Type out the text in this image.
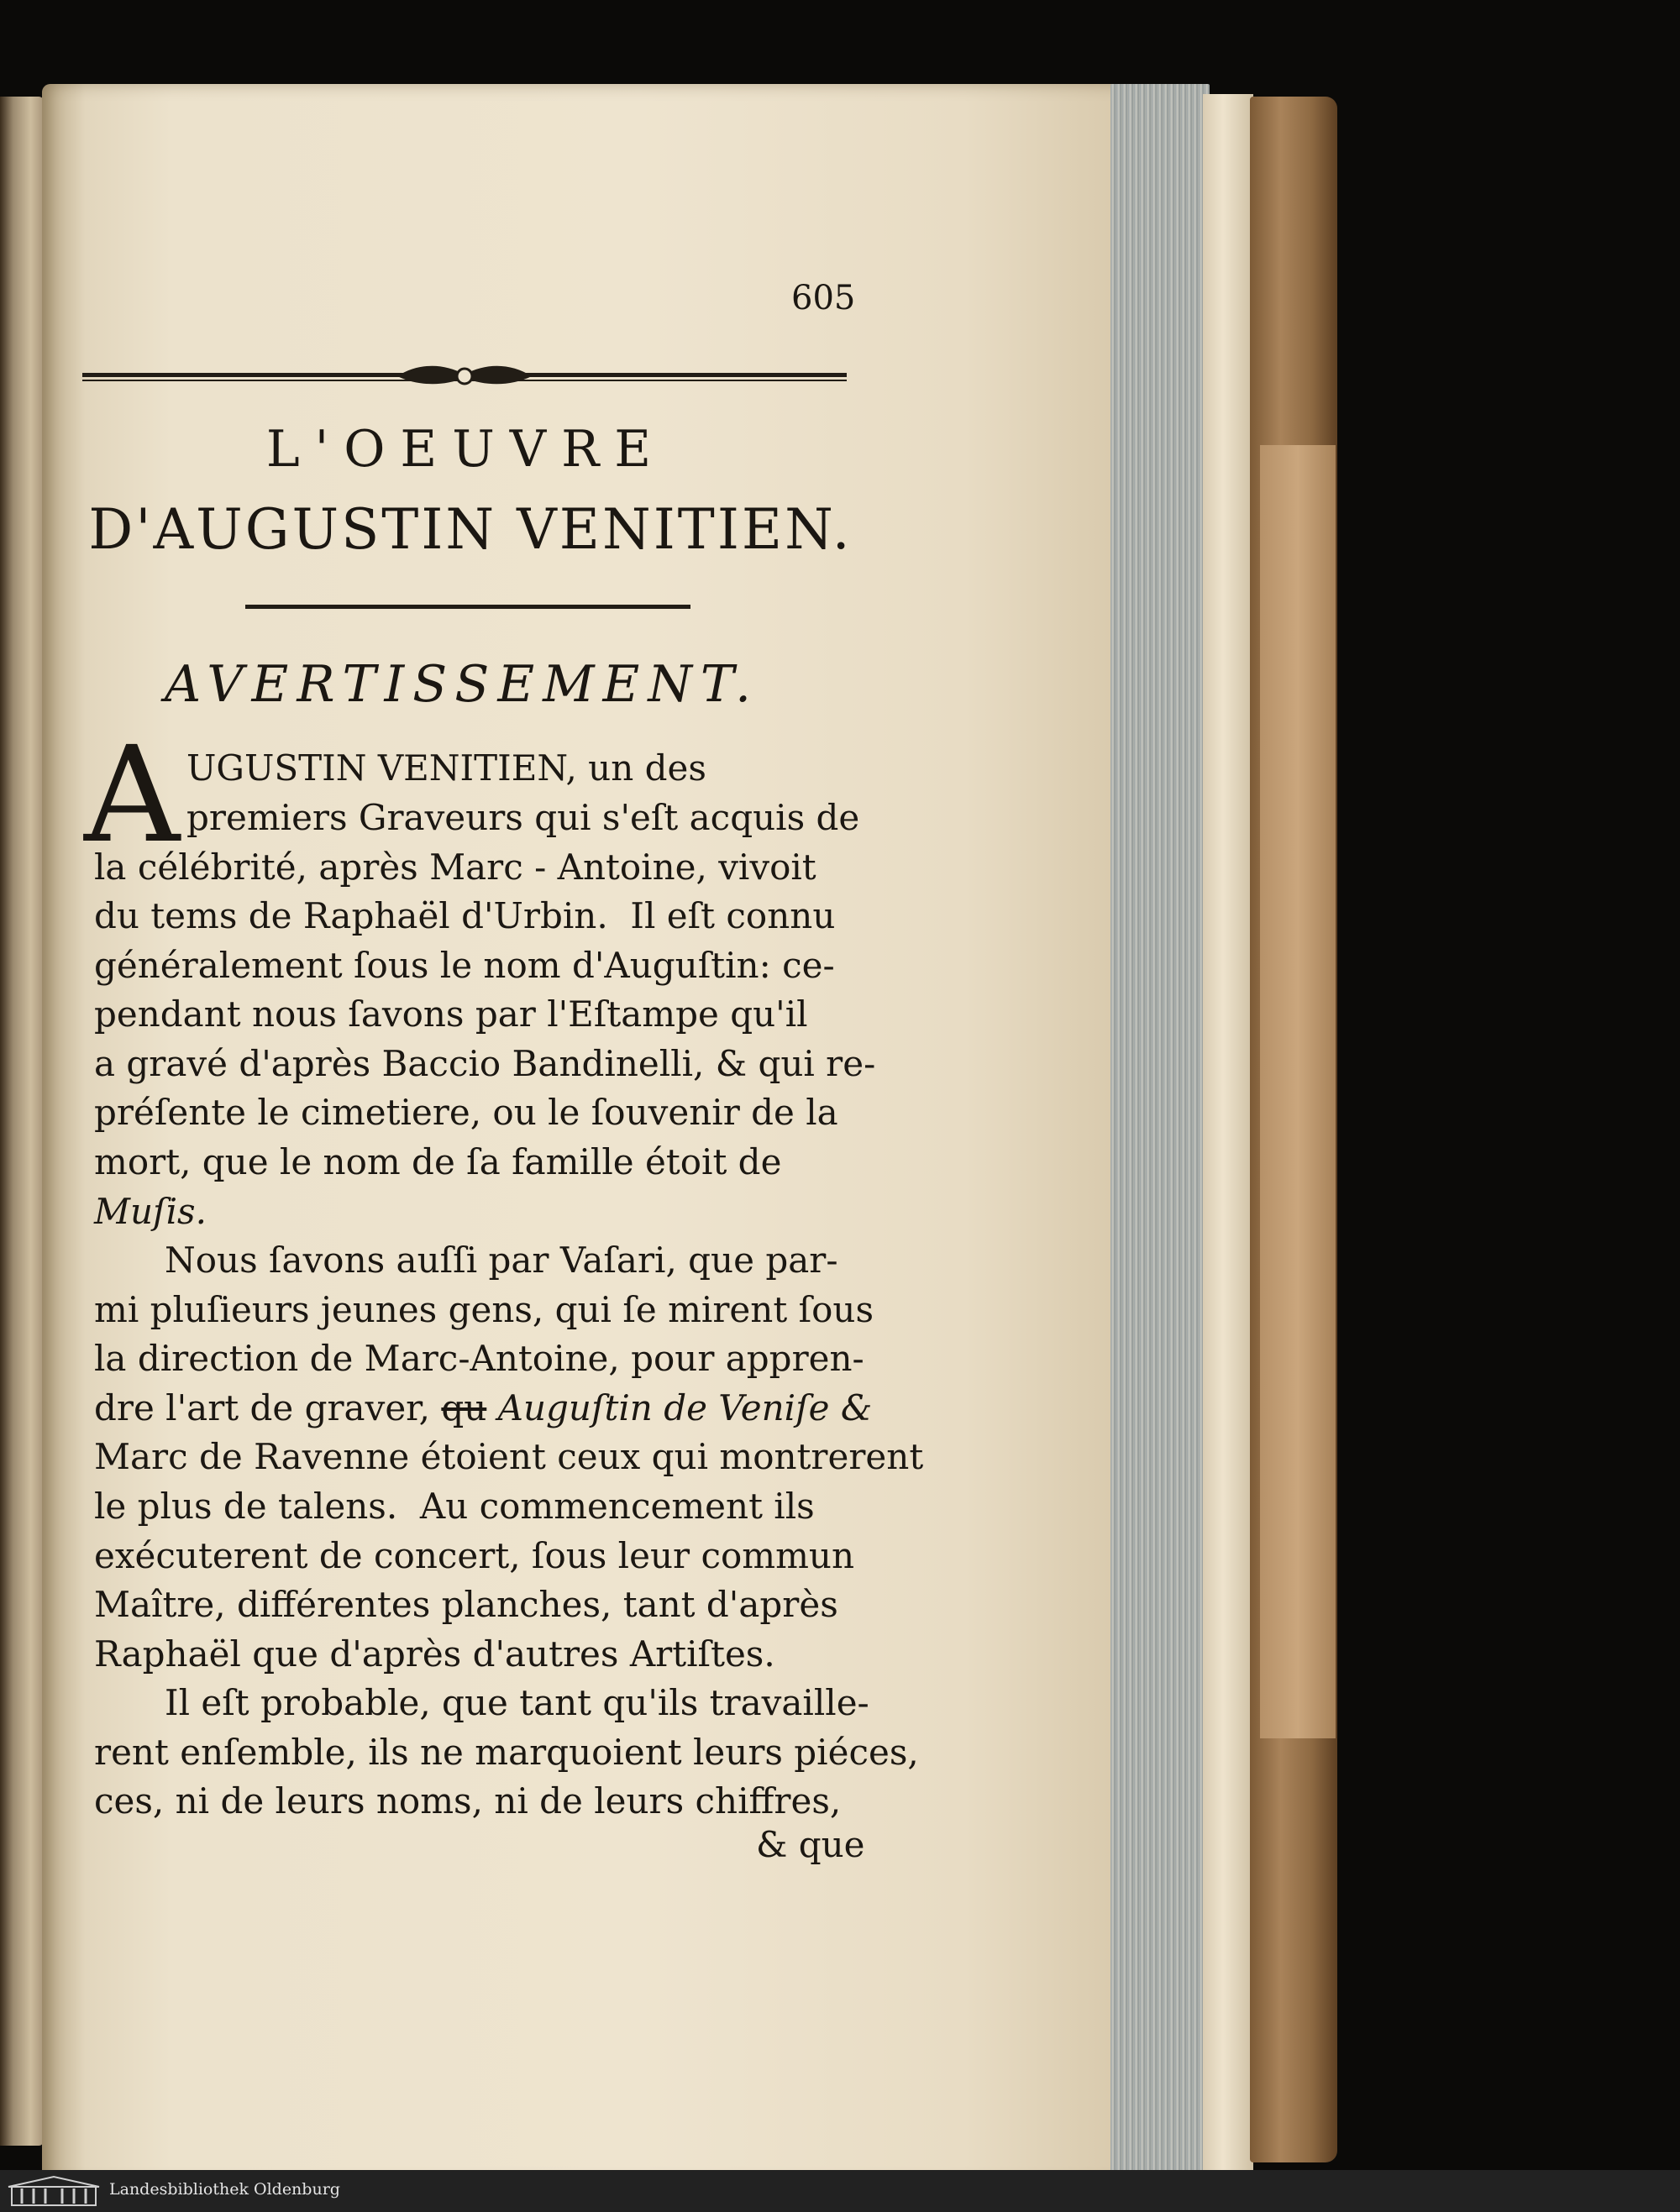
605
L'OEUVRE
D'AUGUSTIN VENITIEN.
AVERTISSEMENT.
A UGUSTIN VENITIEN, un des
premiers Graveurs qui s'eſt acquis de
la célébrité, après Marc - Antoine, vivoit
du tems de Raphaël d'Urbin.  Il eſt connu
généralement ſous le nom d'Auguſtin: ce-
pendant nous ſavons par l'Eſtampe qu'il
a gravé d'après Baccio Bandinelli, & qui re-
préſente le cimetiere, ou le ſouvenir de la
mort, que le nom de ſa famille étoit de
Muſis.
Nous ſavons auſſi par Vaſari, que par-
mi pluſieurs jeunes gens, qui ſe mirent ſous
la direction de Marc-Antoine, pour appren-
dre l'art de graver, qu Auguſtin de Veniſe &
Marc de Ravenne étoient ceux qui montrerent
le plus de talens.  Au commencement ils
exécuterent de concert, ſous leur commun
Maître, différentes planches, tant d'après
Raphaël que d'après d'autres Artiſtes.
Il eſt probable, que tant qu'ils travaille-
rent enſemble, ils ne marquoient leurs piéces,
ces, ni de leurs noms, ni de leurs chiffres,
& que
Landesbibliothek Oldenburg
